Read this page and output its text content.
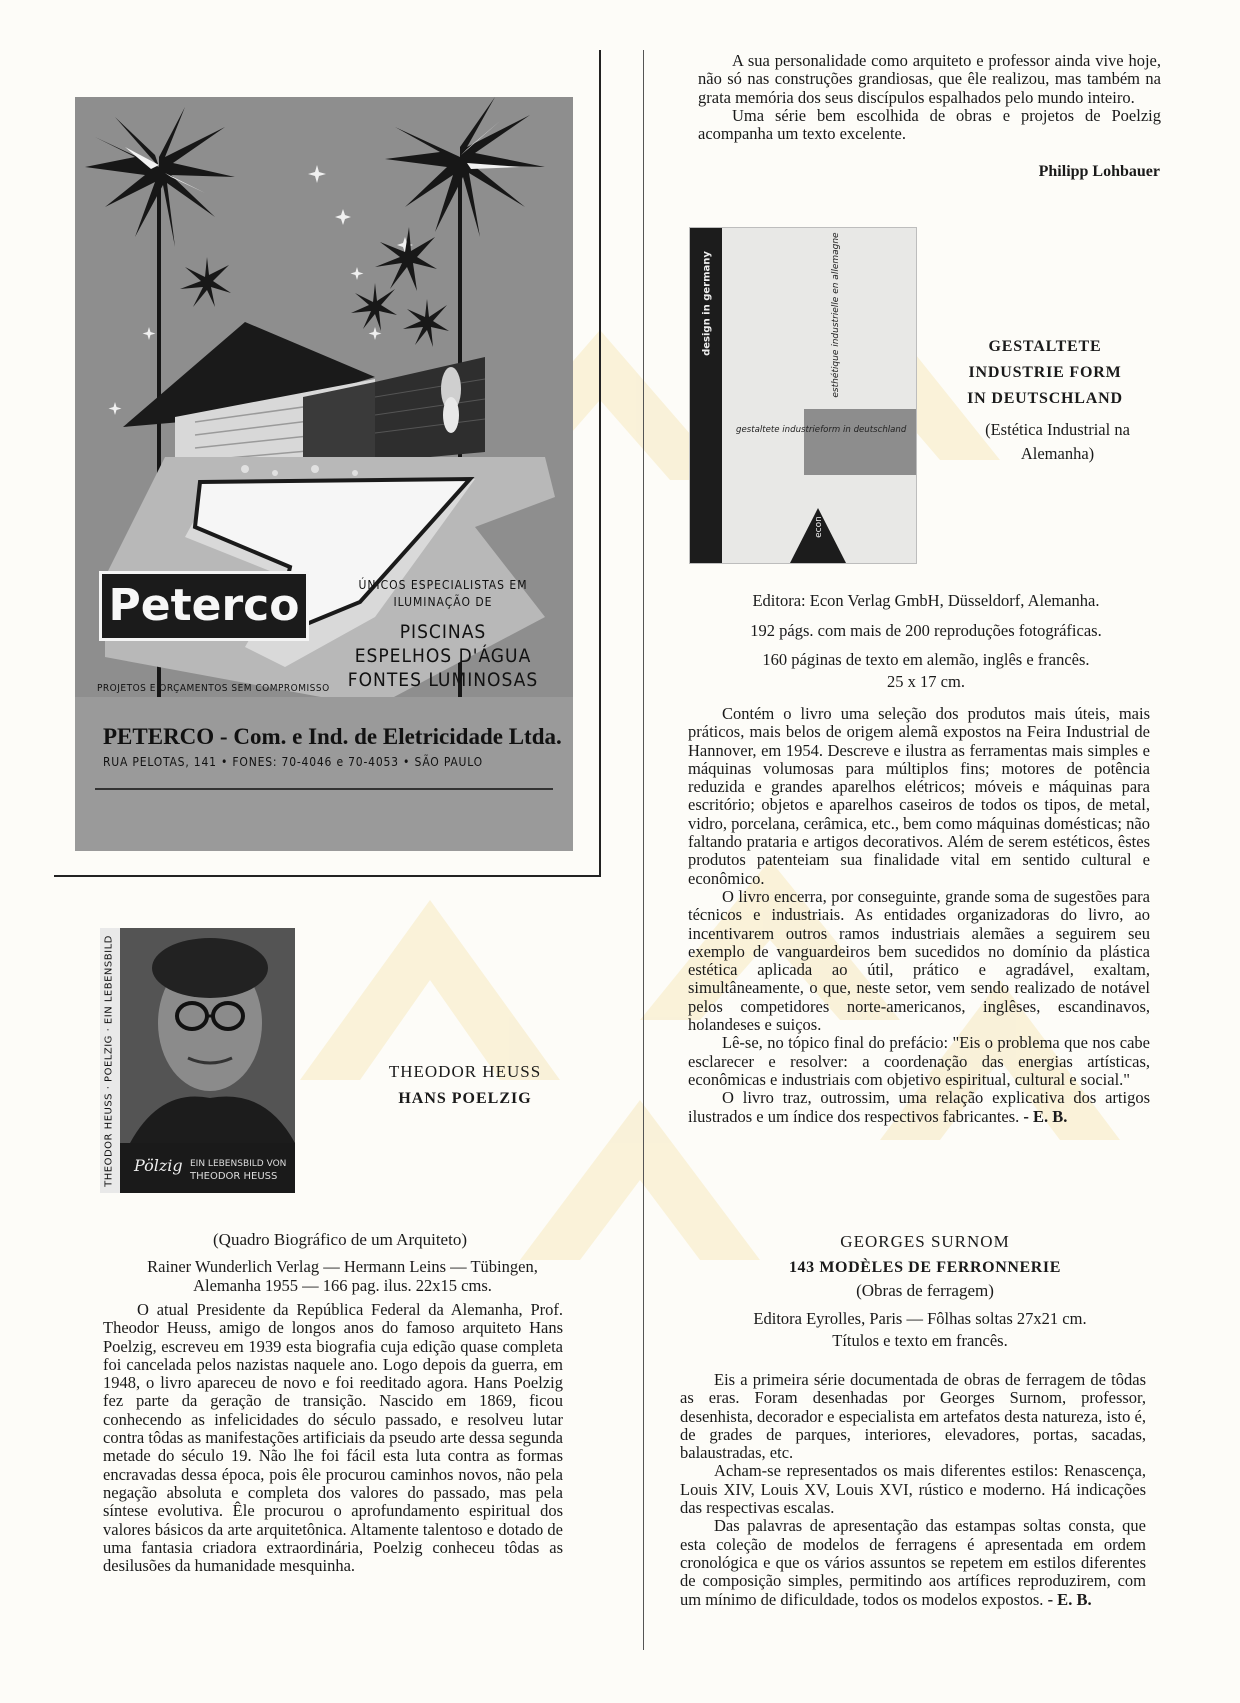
Peterco	ÚNICOS ESPECIALISTAS EM ILUMINAÇÃO DE
PISCINAS
ESPELHOS D'ÁGUA
FONTES LUMINOSAS
PROJETOS E ORÇAMENTOS SEM COMPROMISSO
PETERCO - Com. e Ind. de Eletricidade Ltda.
RUA PELOTAS, 141 • FONES: 70-4046 e 70-4053 • SÃO PAULO
THEODOR HEUSS · POELZIG · EIN LEBENSBILD Pölzig EIN LEBENSBILD VON
THEODOR HEUSS
THEODOR HEUSS
HANS POELZIG
(Quadro Biográfico de um Arquiteto)
Rainer Wunderlich Verlag — Hermann Leins — Tübingen, Alemanha 1955 — 166 pag. ilus. 22x15 cms.

O atual Presidente da República Federal da Alemanha, Prof. Theodor Heuss, amigo de longos anos do famoso arquiteto Hans Poelzig, escreveu em 1939 esta biografia cuja edição quase completa foi cancelada pelos nazistas naquele ano. Logo depois da guerra, em 1948, o livro apareceu de novo e foi reeditado agora. Hans Poelzig fez parte da geração de transição. Nascido em 1869, ficou conhecendo as infelicidades do século passado, e resolveu lutar contra tôdas as manifestações artificiais da pseudo arte dessa segunda metade do século 19. Não lhe foi fácil esta luta contra as formas encravadas dessa época, pois êle procurou caminhos novos, não pela negação absoluta e completa dos valores do passado, mas pela síntese evolutiva. Êle procurou o aprofundamento espiritual dos valores básicos da arte arquitetônica. Altamente talentoso e dotado de uma fantasia criadora extraordinária, Poelzig conheceu tôdas as desilusões da humanidade mesquinha.

A sua personalidade como arquiteto e professor ainda vive hoje, não só nas construções grandiosas, que êle realizou, mas também na grata memória dos seus discípulos espalhados pelo mundo inteiro.

Uma série bem escolhida de obras e projetos de Poelzig acompanha um texto excelente.

Philipp Lohbauer
design in germany	esthétique industrielle en allemagne
gestaltete industrieform in deutschland
econ
GESTALTETE
INDUSTRIE FORM
IN DEUTSCHLAND
(Estética Industrial na Alemanha)
Editora: Econ Verlag GmbH, Düsseldorf, Alemanha.
192 págs. com mais de 200 reproduções fotográficas.
160 páginas de texto em alemão, inglês e francês.
25 x 17 cm.

Contém o livro uma seleção dos produtos mais úteis, mais práticos, mais belos de origem alemã expostos na Feira Industrial de Hannover, em 1954. Descreve e ilustra as ferramentas mais simples e máquinas volumosas para múltiplos fins; motores de potência reduzida e grandes aparelhos elétricos; móveis e máquinas para escritório; objetos e aparelhos caseiros de todos os tipos, de metal, vidro, porcelana, cerâmica, etc., bem como máquinas domésticas; não faltando prataria e artigos decorativos. Além de serem estéticos, êstes produtos patenteiam sua finalidade vital em sentido cultural e econômico.

O livro encerra, por conseguinte, grande soma de sugestões para técnicos e industriais. As entidades organizadoras do livro, ao incentivarem outros ramos industriais alemães a seguirem seu exemplo de vanguardeiros bem sucedidos no domínio da plástica estética aplicada ao útil, prático e agradável, exaltam, simultâneamente, o que, neste setor, vem sendo realizado de notável pelos competidores norte-americanos, inglêses, escandinavos, holandeses e suiços.

Lê-se, no tópico final do prefácio: "Eis o problema que nos cabe esclarecer e resolver: a coordenação das energias artísticas, econômicas e industriais com objetivo espiritual, cultural e social."

O livro traz, outrossim, uma relação explicativa dos artigos ilustrados e um índice dos respectivos fabricantes. - E. B.

GEORGES SURNOM
143 MODÈLES DE FERRONNERIE
(Obras de ferragem)
Editora Eyrolles, Paris — Fôlhas soltas 27x21 cm.
Títulos e texto em francês.

Eis a primeira série documentada de obras de ferragem de tôdas as eras. Foram desenhadas por Georges Surnom, professor, desenhista, decorador e especialista em artefatos desta natureza, isto é, de grades de parques, interiores, elevadores, portas, sacadas, balaustradas, etc.

Acham-se representados os mais diferentes estilos: Renascença, Louis XIV, Louis XV, Louis XVI, rústico e moderno. Há indicações das respectivas escalas.

Das palavras de apresentação das estampas soltas consta, que esta coleção de modelos de ferragens é apresentada em ordem cronológica e que os vários assuntos se repetem em estilos diferentes de composição simples, permitindo aos artífices reproduzirem, com um mínimo de dificuldade, todos os modelos expostos. - E. B.
